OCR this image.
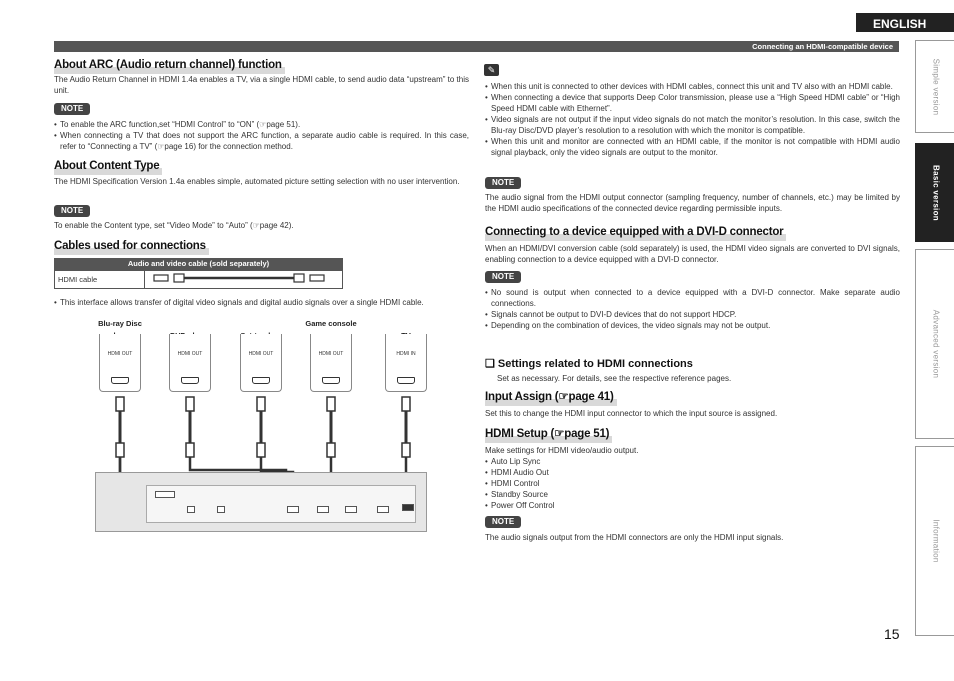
ENGLISH
Connecting an HDMI-compatible device
Simple version
Basic version
Advanced version
Information
15
About ARC (Audio return channel) function
The Audio Return Channel in HDMI 1.4a enables a TV, via a single HDMI cable, to send audio data “upstream” to this unit.
NOTE
• To enable the ARC function,set “HDMI Control” to “ON” (☞page 51).
• When connecting a TV that does not support the ARC function, a separate audio cable is required. In this case, refer to “Connecting a TV” (☞page 16) for the connection method.
About Content Type
The HDMI Specification Version 1.4a enables simple, automated picture setting selection with no user intervention.
NOTE
To enable the Content type, set “Video Mode” to “Auto” (☞page 42).
Cables used for connections
Audio and video cable (sold separately)
HDMI cable	
• This interface allows transfer of digital video signals and digital audio signals over a single HDMI cable.
Blu-ray Disc
HDMI OUT	HDMI OUT	HDMI OUT
Game console
HDMI OUT	HDMI IN
✎
• When this unit is connected to other devices with HDMI cables, connect this unit and TV also with an HDMI cable.
• When connecting a device that supports Deep Color transmission, please use a “High Speed HDMI cable” or “High Speed HDMI cable with Ethernet”.
• Video signals are not output if the input video signals do not match the monitor’s resolution. In this case, switch the Blu-ray Disc/DVD player’s resolution to a resolution with which the monitor is compatible.
• When this unit and monitor are connected with an HDMI cable, if the monitor is not compatible with HDMI audio signal playback, only the video signals are output to the monitor.
NOTE
The audio signal from the HDMI output connector (sampling frequency, number of channels, etc.) may be limited by the HDMI audio specifications of the connected device regarding permissible inputs.
Connecting to a device equipped with a DVI-D connector
When an HDMI/DVI conversion cable (sold separately) is used, the HDMI video signals are converted to DVI signals, enabling connection to a device equipped with a DVI-D connector.
NOTE
• No sound is output when connected to a device equipped with a DVI-D connector. Make separate audio connections.
• Signals cannot be output to DVI-D devices that do not support HDCP.
• Depending on the combination of devices, the video signals may not be output.
❑ Settings related to HDMI connections
Set as necessary. For details, see the respective reference pages.
Input Assign (☞page 41)
Set this to change the HDMI input connector to which the input source is assigned.
HDMI Setup (☞page 51)
Make settings for HDMI video/audio output.
• Auto Lip Sync
• HDMI Audio Out
• HDMI Control
• Standby Source
• Power Off Control
NOTE
The audio signals output from the HDMI connectors are only the HDMI input signals.
